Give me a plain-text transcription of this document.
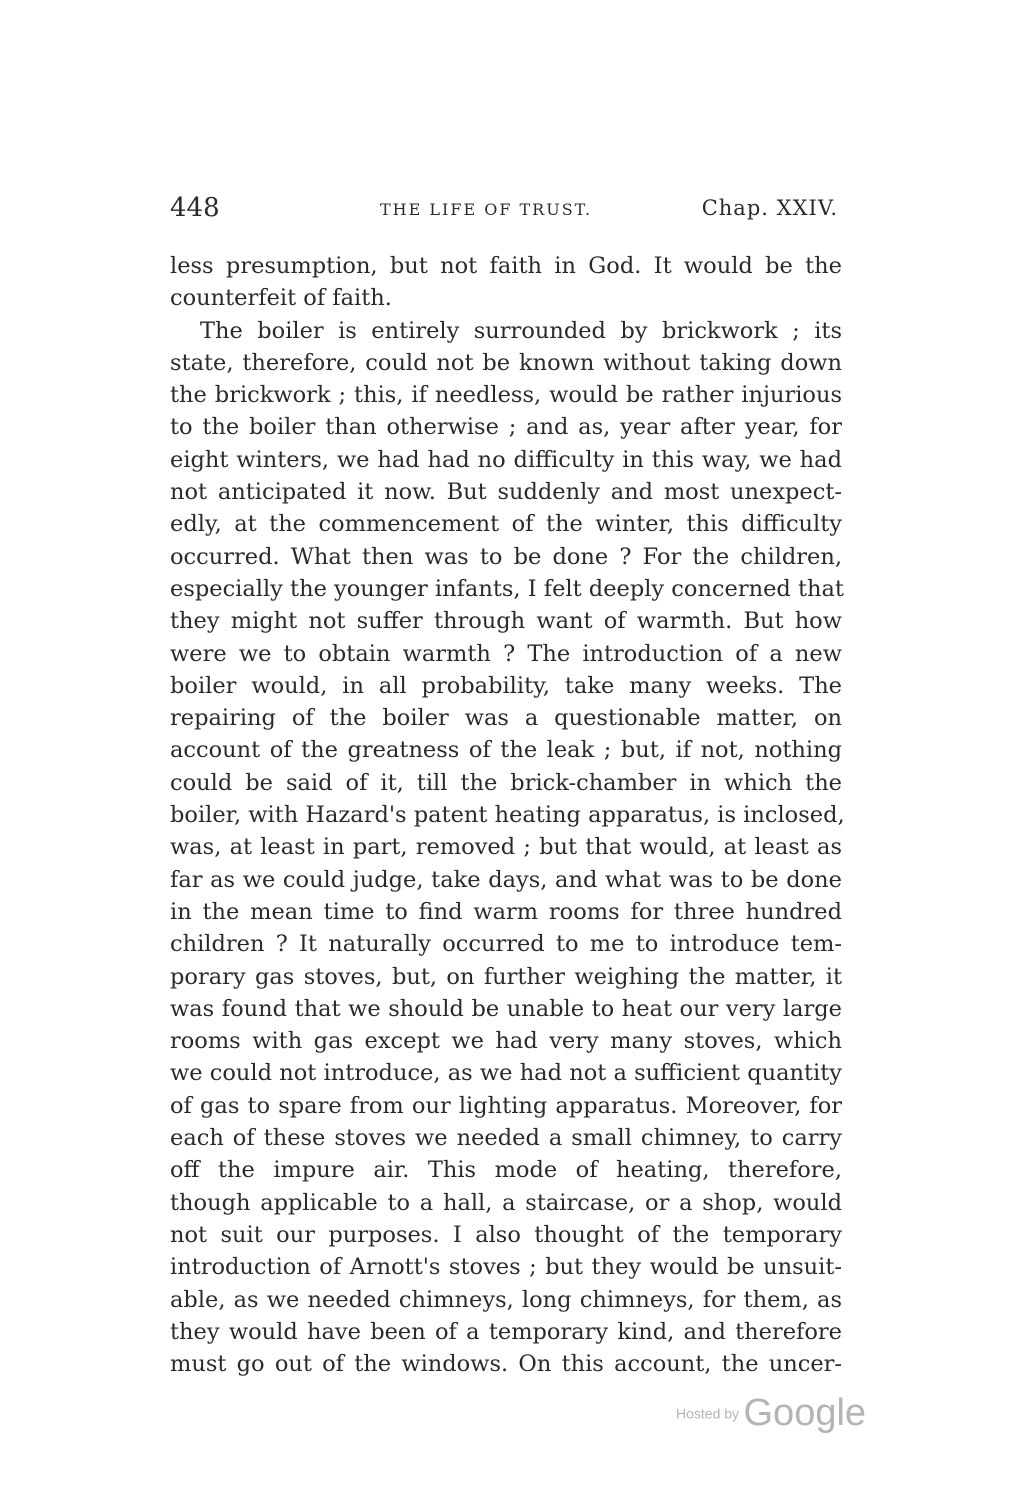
448	THE LIFE OF TRUST.	Chap. XXIV.
less presumption, but not faith in God. It would be the
counterfeit of faith.
The boiler is entirely surrounded by brickwork ; its
state, therefore, could not be known without taking down
the brickwork ; this, if needless, would be rather injurious
to the boiler than otherwise ; and as, year after year, for
eight winters, we had had no difficulty in this way, we had
not anticipated it now. But suddenly and most unexpect-
edly, at the commencement of the winter, this difficulty
occurred. What then was to be done ? For the children,
especially the younger infants, I felt deeply concerned that
they might not suffer through want of warmth. But how
were we to obtain warmth ? The introduction of a new
boiler would, in all probability, take many weeks. The
repairing of the boiler was a questionable matter, on
account of the greatness of the leak ; but, if not, nothing
could be said of it, till the brick-chamber in which the
boiler, with Hazard's patent heating apparatus, is inclosed,
was, at least in part, removed ; but that would, at least as
far as we could judge, take days, and what was to be done
in the mean time to find warm rooms for three hundred
children ? It naturally occurred to me to introduce tem-
porary gas stoves, but, on further weighing the matter, it
was found that we should be unable to heat our very large
rooms with gas except we had very many stoves, which
we could not introduce, as we had not a sufficient quantity
of gas to spare from our lighting apparatus. Moreover, for
each of these stoves we needed a small chimney, to carry
off the impure air. This mode of heating, therefore,
though applicable to a hall, a staircase, or a shop, would
not suit our purposes. I also thought of the temporary
introduction of Arnott's stoves ; but they would be unsuit-
able, as we needed chimneys, long chimneys, for them, as
they would have been of a temporary kind, and therefore
must go out of the windows. On this account, the uncer-
Hosted by Google
